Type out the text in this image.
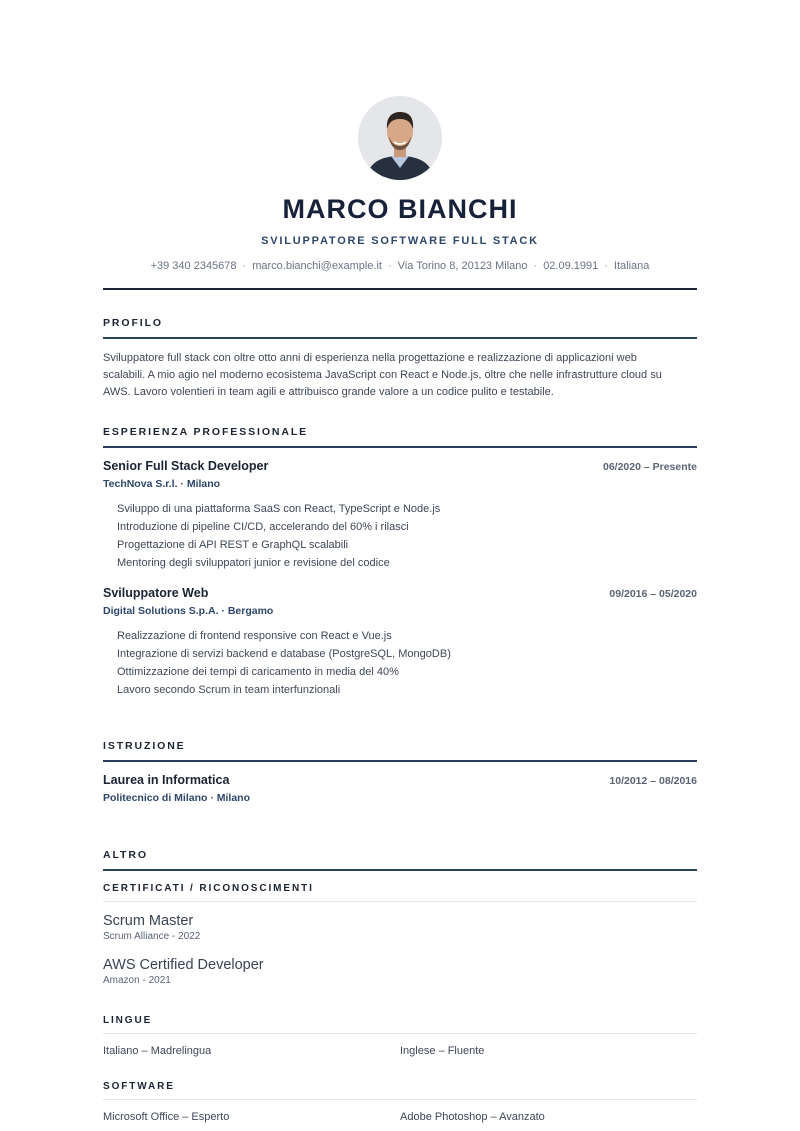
MARCO BIANCHI
SVILUPPATORE SOFTWARE FULL STACK
+39 340 2345678 · marco.bianchi@example.it · Via Torino 8, 20123 Milano · 02.09.1991 · Italiana
PROFILO
Sviluppatore full stack con oltre otto anni di esperienza nella progettazione e realizzazione di applicazioni web
scalabili. A mio agio nel moderno ecosistema JavaScript con React e Node.js, oltre che nelle infrastrutture cloud su
AWS. Lavoro volentieri in team agili e attribuisco grande valore a un codice pulito e testabile.
ESPERIENZA PROFESSIONALE
Senior Full Stack Developer	06/2020 – Presente
TechNova S.r.l. · Milano
Sviluppo di una piattaforma SaaS con React, TypeScript e Node.js
Introduzione di pipeline CI/CD, accelerando del 60% i rilasci
Progettazione di API REST e GraphQL scalabili
Mentoring degli sviluppatori junior e revisione del codice
Sviluppatore Web	09/2016 – 05/2020
Digital Solutions S.p.A. · Bergamo
Realizzazione di frontend responsive con React e Vue.js
Integrazione di servizi backend e database (PostgreSQL, MongoDB)
Ottimizzazione dei tempi di caricamento in media del 40%
Lavoro secondo Scrum in team interfunzionali
ISTRUZIONE
Laurea in Informatica	10/2012 – 08/2016
Politecnico di Milano · Milano
ALTRO
CERTIFICATI / RICONOSCIMENTI
Scrum Master
Scrum Alliance - 2022
AWS Certified Developer
Amazon - 2021
LINGUE
Italiano – Madrelingua	Inglese – Fluente
SOFTWARE
Microsoft Office – Esperto	Adobe Photoshop – Avanzato
